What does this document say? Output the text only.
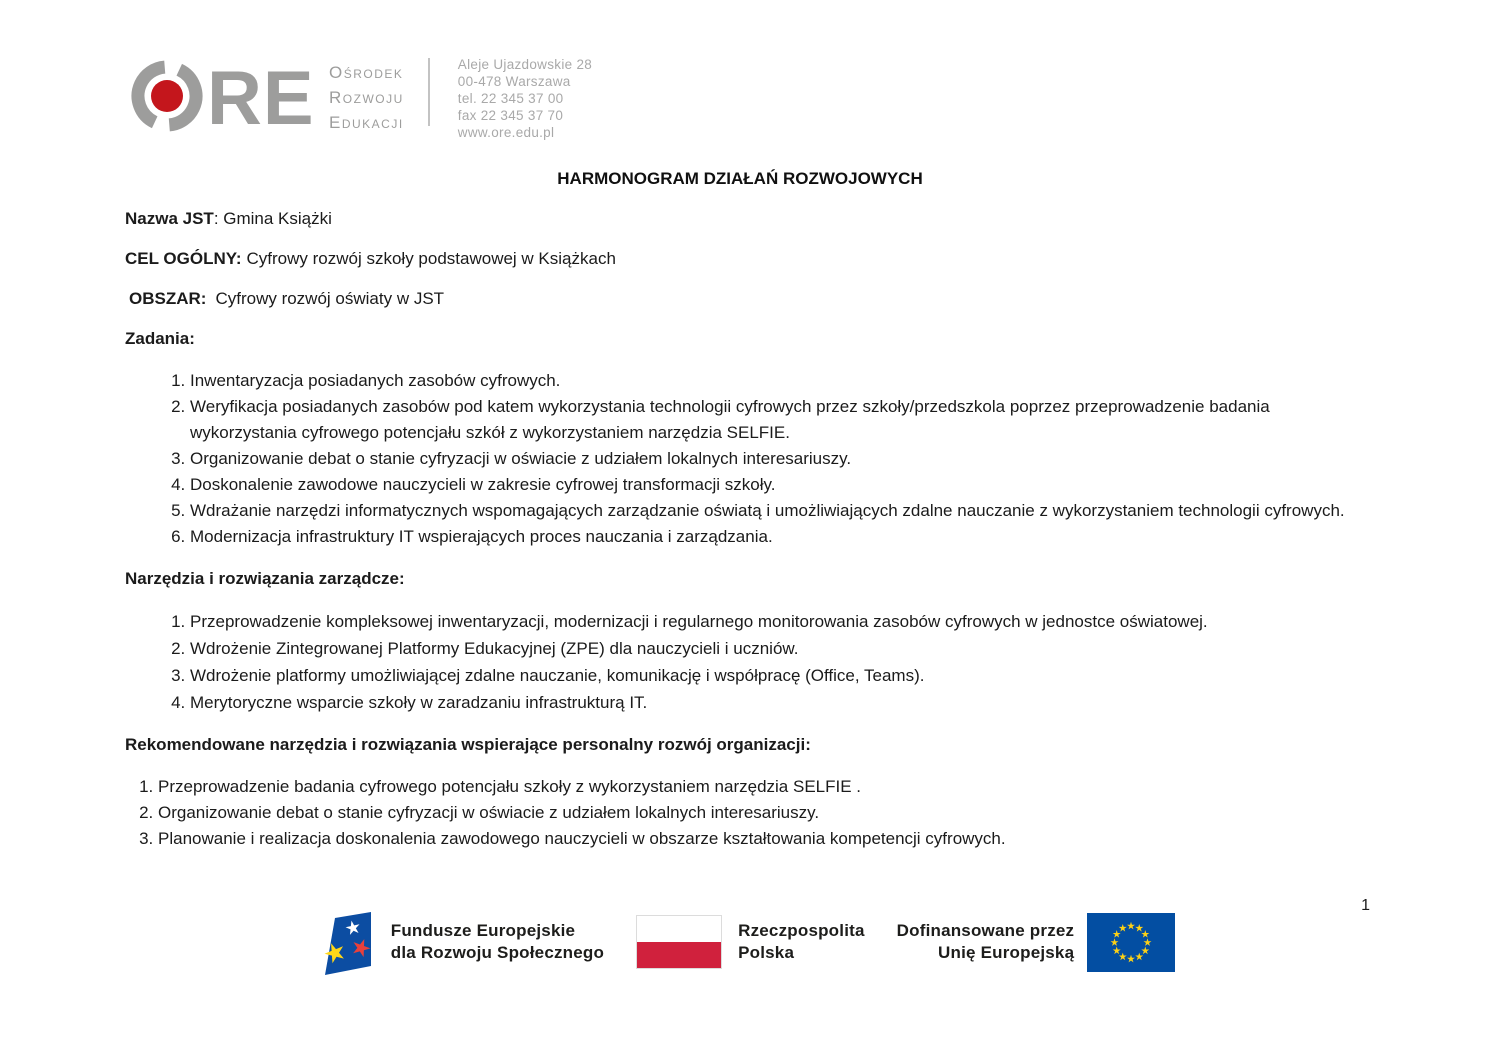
RE Ośrodek
Rozwoju
Edukacji
Aleje Ujazdowskie 28
00-478 Warszawa
tel. 22 345 37 00
fax 22 345 37 70
www.ore.edu.pl
HARMONOGRAM DZIAŁAŃ ROZWOJOWYCH

Nazwa JST: Gmina Książki

CEL OGÓLNY: Cyfrowy rozwój szkoły podstawowej w Książkach

OBSZAR: Cyfrowy rozwój oświaty w JST

Zadania:

1. Inwentaryzacja posiadanych zasobów cyfrowych.
2. Weryfikacja posiadanych zasobów pod katem wykorzystania technologii cyfrowych przez szkoły/przedszkola poprzez przeprowadzenie badania wykorzystania cyfrowego potencjału szkół z wykorzystaniem narzędzia SELFIE.
3. Organizowanie debat o stanie cyfryzacji w oświacie z udziałem lokalnych interesariuszy.
4. Doskonalenie zawodowe nauczycieli w zakresie cyfrowej transformacji szkoły.
5. Wdrażanie narzędzi informatycznych wspomagających zarządzanie oświatą i umożliwiających zdalne nauczanie z wykorzystaniem technologii cyfrowych.
6. Modernizacja infrastruktury IT wspierających proces nauczania i zarządzania.

Narzędzia i rozwiązania zarządcze:

1. Przeprowadzenie kompleksowej inwentaryzacji, modernizacji i regularnego monitorowania zasobów cyfrowych w jednostce oświatowej.
2. Wdrożenie Zintegrowanej Platformy Edukacyjnej (ZPE) dla nauczycieli i uczniów.
3. Wdrożenie platformy umożliwiającej zdalne nauczanie, komunikację i współpracę (Office, Teams).
4. Merytoryczne wsparcie szkoły w zaradzaniu infrastrukturą IT.

Rekomendowane narzędzia i rozwiązania wspierające personalny rozwój organizacji:

1. Przeprowadzenie badania cyfrowego potencjału szkoły z wykorzystaniem narzędzia SELFIE .
2. Organizowanie debat o stanie cyfryzacji w oświacie z udziałem lokalnych interesariuszy.
3. Planowanie i realizacja doskonalenia zawodowego nauczycieli w obszarze kształtowania kompetencji cyfrowych.
Fundusze Europejskie
dla Rozwoju Społecznego
Rzeczpospolita
Polska
Dofinansowane przez
Unię Europejską
1
